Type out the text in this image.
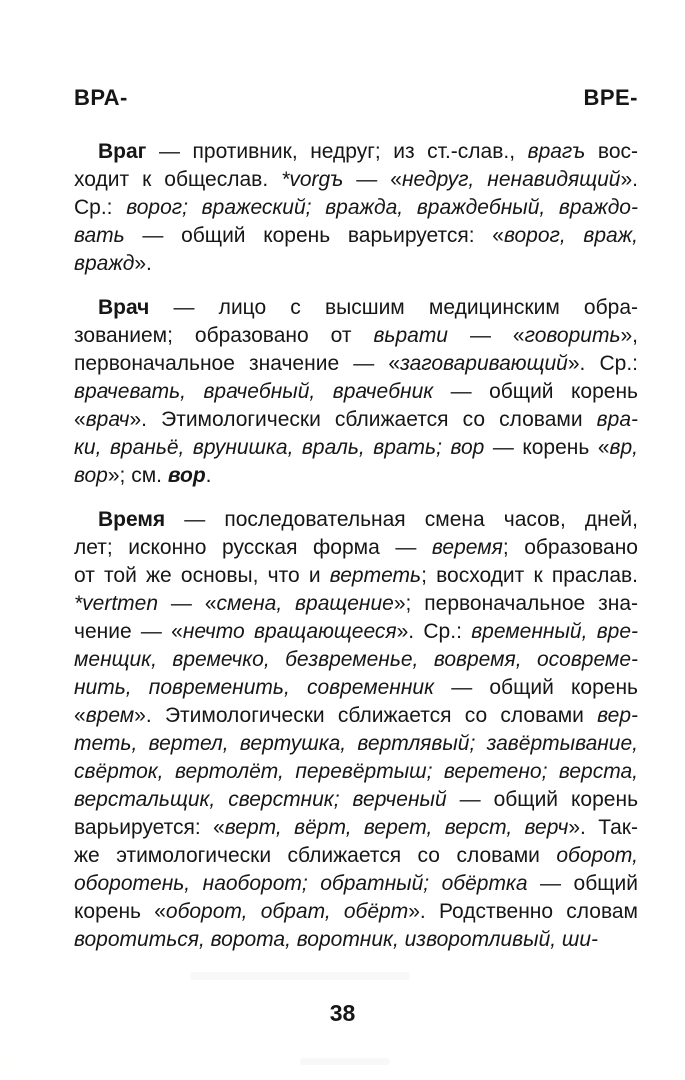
ВРА-	ВРЕ-
Враг — противник, недруг; из ст.-слав., врагъ вос-
ходит к общеслав. *vorgъ — «недруг, ненавидящий».
Ср.: ворог; вражеский; вражда, враждебный, враждо-
вать — общий корень варьируется: «ворог, враж,
вражд».
Врач — лицо с высшим медицинским обра-
зованием; образовано от вьрати — «говорить»,
первоначальное значение — «заговаривающий». Ср.:
врачевать, врачебный, врачебник — общий корень
«врач». Этимологически сближается со словами вра-
ки, враньё, врунишка, враль, врать; вор — корень «вр,
вор»; см. вор.
Время — последовательная смена часов, дней,
лет; исконно русская форма — веремя; образовано
от той же основы, что и вертеть; восходит к праслав.
*vertmen — «смена, вращение»; первоначальное зна-
чение — «нечто вращающееся». Ср.: временный, вре-
менщик, времечко, безвременье, вовремя, осовреме-
нить, повременить, современник — общий корень
«врем». Этимологически сближается со словами вер-
теть, вертел, вертушка, вертлявый; завёртывание,
свёрток, вертолёт, перевёртыш; веретено; верста,
верстальщик, сверстник; верченый — общий корень
варьируется: «верт, вёрт, верет, верст, верч». Так-
же этимологически сближается со словами оборот,
оборотень, наоборот; обратный; обёртка — общий
корень «оборот, обрат, обёрт». Родственно словам
воротиться, ворота, воротник, изворотливый, ши-
38
